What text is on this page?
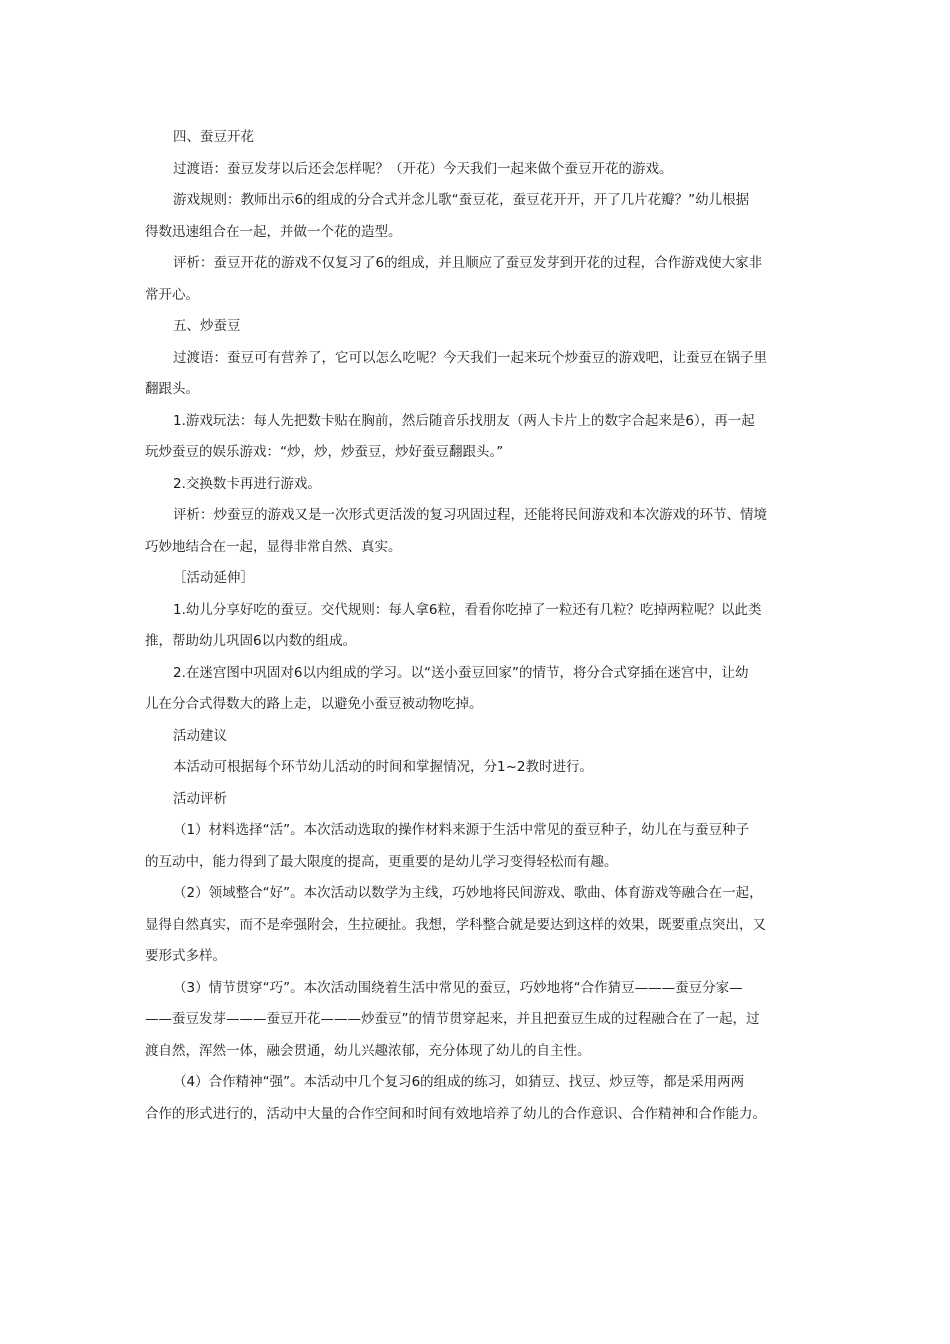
四、蚕豆开花

过渡语：蚕豆发芽以后还会怎样呢？（开花）今天我们一起来做个蚕豆开花的游戏。

游戏规则：教师出示6的组成的分合式并念儿歌“蚕豆花，蚕豆花开开，开了几片花瓣？”幼儿根据
得数迅速组合在一起，并做一个花的造型。

评析：蚕豆开花的游戏不仅复习了6的组成，并且顺应了蚕豆发芽到开花的过程，合作游戏使大家非
常开心。

五、炒蚕豆

过渡语：蚕豆可有营养了，它可以怎么吃呢？今天我们一起来玩个炒蚕豆的游戏吧，让蚕豆在锅子里
翻跟头。

1.游戏玩法：每人先把数卡贴在胸前，然后随音乐找朋友（两人卡片上的数字合起来是6），再一起
玩炒蚕豆的娱乐游戏：“炒，炒，炒蚕豆，炒好蚕豆翻跟头。”

2.交换数卡再进行游戏。

评析：炒蚕豆的游戏又是一次形式更活泼的复习巩固过程，还能将民间游戏和本次游戏的环节、情境
巧妙地结合在一起，显得非常自然、真实。

［活动延伸］

1.幼儿分享好吃的蚕豆。交代规则：每人拿6粒，看看你吃掉了一粒还有几粒？吃掉两粒呢？以此类
推，帮助幼儿巩固6以内数的组成。

2.在迷宫图中巩固对6以内组成的学习。以“送小蚕豆回家”的情节，将分合式穿插在迷宫中，让幼
儿在分合式得数大的路上走，以避免小蚕豆被动物吃掉。

活动建议

本活动可根据每个环节幼儿活动的时间和掌握情况，分1~2教时进行。

活动评析

（1）材料选择“活”。本次活动选取的操作材料来源于生活中常见的蚕豆种子，幼儿在与蚕豆种子
的互动中，能力得到了最大限度的提高，更重要的是幼儿学习变得轻松而有趣。

（2）领域整合“好”。本次活动以数学为主线，巧妙地将民间游戏、歌曲、体育游戏等融合在一起，
显得自然真实，而不是牵强附会，生拉硬扯。我想，学科整合就是要达到这样的效果，既要重点突出，又
要形式多样。

（3）情节贯穿“巧”。本次活动围绕着生活中常见的蚕豆，巧妙地将“合作猜豆———蚕豆分家—
——蚕豆发芽———蚕豆开花———炒蚕豆”的情节贯穿起来，并且把蚕豆生成的过程融合在了一起，过
渡自然，浑然一体，融会贯通，幼儿兴趣浓郁，充分体现了幼儿的自主性。

（4）合作精神“强”。本活动中几个复习6的组成的练习，如猜豆、找豆、炒豆等，都是采用两两
合作的形式进行的，活动中大量的合作空间和时间有效地培养了幼儿的合作意识、合作精神和合作能力。
